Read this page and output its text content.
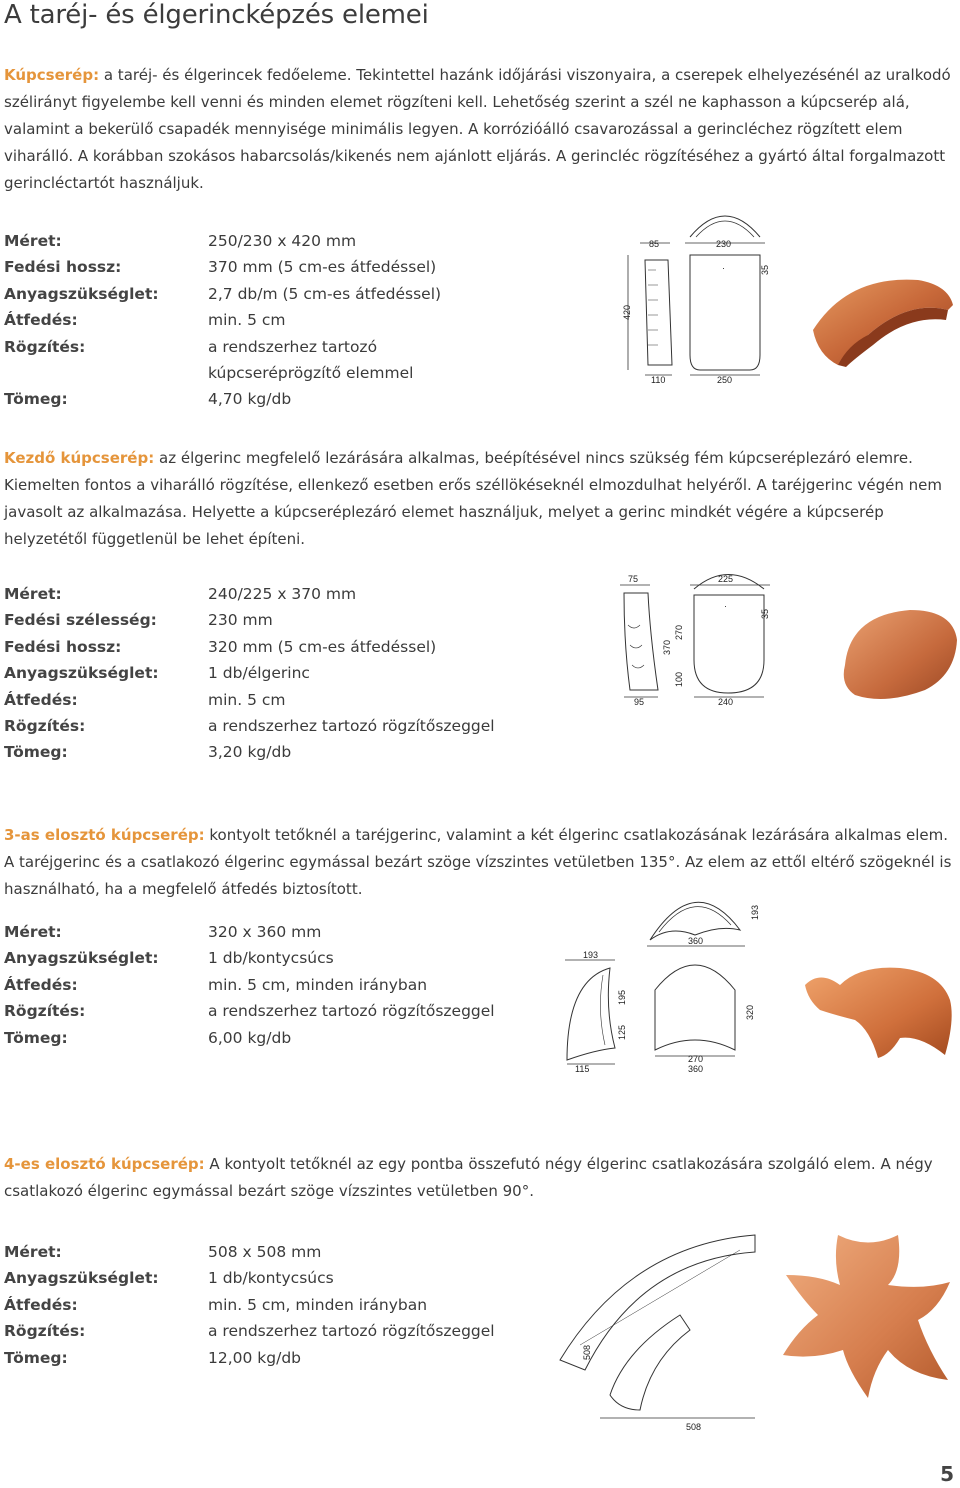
A taréj- és élgerincképzés elemei

Kúpcserép: a taréj- és élgerincek fedőeleme. Tekintettel hazánk időjárási viszonyaira, a cserepek elhelyezésénél az uralkodó szélirányt figyelembe kell venni és minden elemet rögzíteni kell. Lehetőség szerint a szél ne kaphasson a kúpcserép alá, valamint a bekerülő csapadék mennyisége minimális legyen. A korrózióálló csavarozással a gerincléchez rögzített elem viharálló. A korábban szokásos habarcsolás/kikenés nem ajánlott eljárás. A gerincléc rögzítéséhez a gyártó által forgalmazott gerincléctartót használjuk.

Méret:	250/230 x 420 mm
Fedési hossz:	370 mm (5 cm-es átfedéssel)
Anyagszükséglet:	2,7 db/m (5 cm-es átfedéssel)
Átfedés:	min. 5 cm
Rögzítés:	a rendszerhez tartozó
kúpcseréprögzítő elemmel
Tömeg:	4,70 kg/db
85	230
420
·	35
110	250

Kezdő kúpcserép: az élgerinc megfelelő lezárására alkalmas, beépítésével nincs szükség fém kúpcseréplezáró elemre. Kiemelten fontos a viharálló rögzítése, ellenkező esetben erős széllökéseknél elmozdulhat helyéről. A taréjgerinc végén nem javasolt az alkalmazása. Helyette a kúpcseréplezáró elemet használjuk, melyet a gerinc mindkét végére a kúpcserép helyzetétől függetlenül be lehet építeni.

Méret:	240/225 x 370 mm
Fedési szélesség:	230 mm
Fedési hossz:	320 mm (5 cm-es átfedéssel)
Anyagszükséglet:	1 db/élgerinc
Átfedés:	min. 5 cm
Rögzítés:	a rendszerhez tartozó rögzítőszeggel
Tömeg:	3,20 kg/db
75	225
370
270
100
·
35
95	240

3-as elosztó kúpcserép: kontyolt tetőknél a taréjgerinc, valamint a két élgerinc csatlakozásának lezárására alkalmas elem. A taréjgerinc és a csatlakozó élgerinc egymással bezárt szöge vízszintes vetületben 135°. Az elem az ettől eltérő szögeknél is használható, ha a megfelelő átfedés biztosított.

Méret:	320 x 360 mm
Anyagszükséglet:	1 db/kontycsúcs
Átfedés:	min. 5 cm, minden irányban
Rögzítés:	a rendszerhez tartozó rögzítőszeggel
Tömeg:	6,00 kg/db
193
360
193
195
125
115
320
270
360

4-es elosztó kúpcserép: A kontyolt tetőknél az egy pontba összefutó négy élgerinc csatlakozására szolgáló elem. A négy csatlakozó élgerinc egymással bezárt szöge vízszintes vetületben 90°.

Méret:	508 x 508 mm
Anyagszükséglet:	1 db/kontycsúcs
Átfedés:	min. 5 cm, minden irányban
Rögzítés:	a rendszerhez tartozó rögzítőszeggel
Tömeg:	12,00 kg/db	508
508
5
